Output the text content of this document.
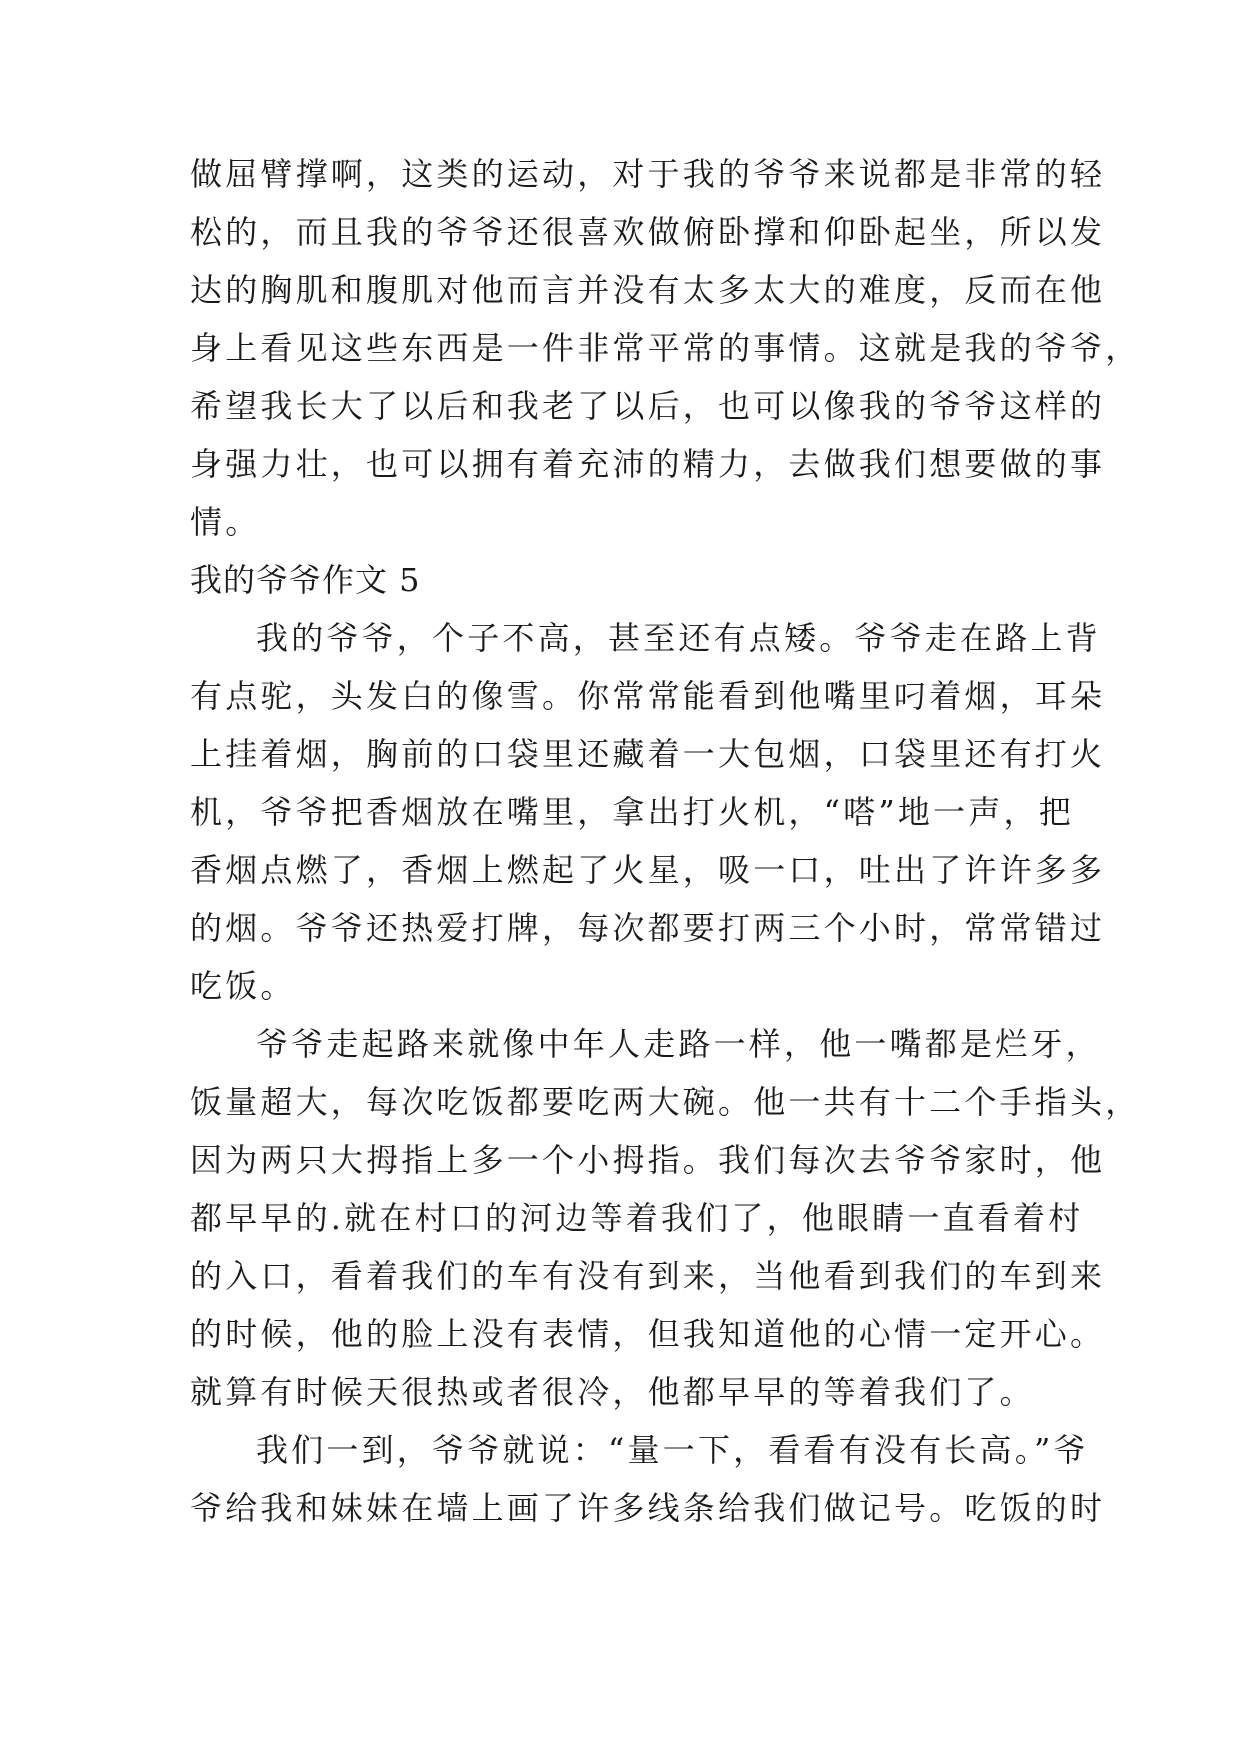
做屈臂撑啊，这类的运动，对于我的爷爷来说都是非常的轻
松的，而且我的爷爷还很喜欢做俯卧撑和仰卧起坐，所以发
达的胸肌和腹肌对他而言并没有太多太大的难度，反而在他
身上看见这些东西是一件非常平常的事情。这就是我的爷爷，
希望我长大了以后和我老了以后，也可以像我的爷爷这样的
身强力壮，也可以拥有着充沛的精力，去做我们想要做的事
情。
我的爷爷作文 5
我的爷爷，个子不高，甚至还有点矮。爷爷走在路上背
有点驼，头发白的像雪。你常常能看到他嘴里叼着烟，耳朵
上挂着烟，胸前的口袋里还藏着一大包烟，口袋里还有打火
机，爷爷把香烟放在嘴里，拿出打火机，“嗒”地一声，把
香烟点燃了，香烟上燃起了火星，吸一口，吐出了许许多多
的烟。爷爷还热爱打牌，每次都要打两三个小时，常常错过
吃饭。
爷爷走起路来就像中年人走路一样，他一嘴都是烂牙，
饭量超大，每次吃饭都要吃两大碗。他一共有十二个手指头，
因为两只大拇指上多一个小拇指。我们每次去爷爷家时，他
都早早的.就在村口的河边等着我们了，他眼睛一直看着村
的入口，看着我们的车有没有到来，当他看到我们的车到来
的时候，他的脸上没有表情，但我知道他的心情一定开心。
就算有时候天很热或者很冷，他都早早的等着我们了。
我们一到，爷爷就说：“量一下，看看有没有长高。”爷
爷给我和妹妹在墙上画了许多线条给我们做记号。吃饭的时
